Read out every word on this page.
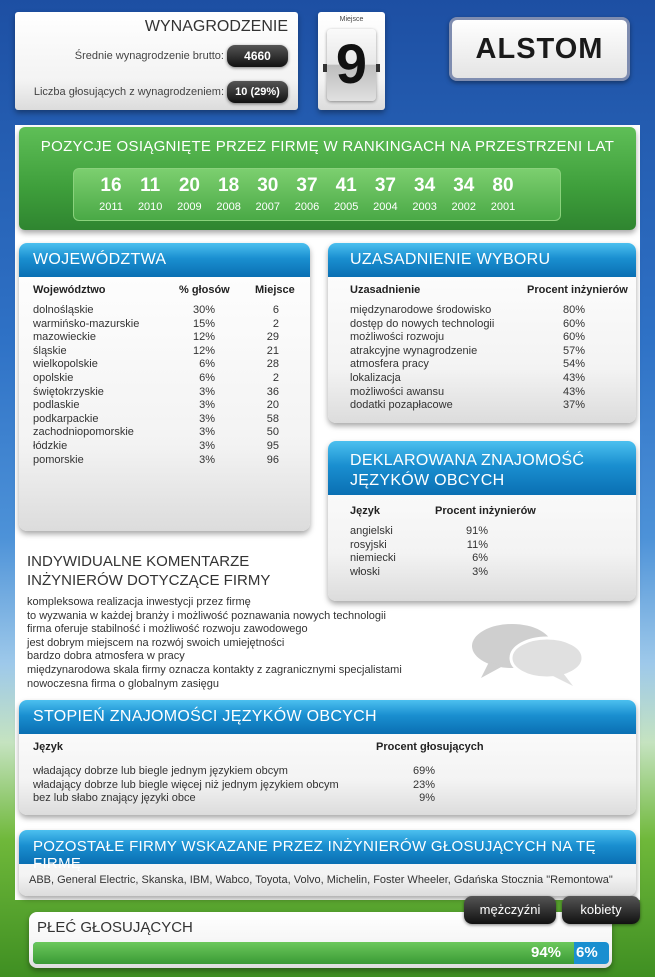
WYNAGRODZENIE
Średnie wynagrodzenie brutto:	4660
Liczba głosujących z wynagrodzeniem:	10 (29%)
Miejsce
9	ALSTOM
POZYCJE OSIĄGNIĘTE PRZEZ FIRMĘ W RANKINGACH NA PRZESTRZENI LAT
16
2011
11
2010
20
2009
18
2008
30
2007
37
2006
41
2005
37
2004
34
2003
34
2002
80
2001
WOJEWÓDZTWA
Województwo	% głosów Miejsce
dolnośląskie	30%	6
warmińsko-mazurskie	15%	2
mazowieckie	12%	29
śląskie	12%	21
wielkopolskie	6%	28
opolskie	6%	2
świętokrzyskie	3%	36
podlaskie	3%	20
podkarpackie	3%	58
zachodniopomorskie	3%	50
łódzkie	3%	95
pomorskie	3%	96
UZASADNIENIE WYBORU
Uzasadnienie	Procent inżynierów
międzynarodowe środowisko	80%
dostęp do nowych technologii	60%
możliwości rozwoju	60%
atrakcyjne wynagrodzenie	57%
atmosfera pracy	54%
lokalizacja	43%
możliwości awansu	43%
dodatki pozapłacowe	37%
DEKLAROWANA ZNAJOMOŚĆ
JĘZYKÓW OBCYCH
Język	Procent inżynierów
angielski	91%
rosyjski	11%
niemiecki	6%
włoski	3%
INDYWIDUALNE KOMENTARZE
INŻYNIERÓW DOTYCZĄCE FIRMY
kompleksowa realizacja inwestycji przez firmę
to wyzwania w każdej branży i możliwość poznawania nowych technologii
firma oferuje stabilność i możliwość rozwoju zawodowego
jest dobrym miejscem na rozwój swoich umiejętności
bardzo dobra atmosfera w pracy
międzynarodowa skala firmy oznacza kontakty z zagranicznymi specjalistami
nowoczesna firma o globalnym zasięgu
STOPIEŃ ZNAJOMOŚCI JĘZYKÓW OBCYCH
Język	Procent głosujących
władający dobrze lub biegle jednym językiem obcym	69%
władający dobrze lub biegle więcej niż jednym językiem obcym	23%
bez lub słabo znający języki obce	9%
POZOSTAŁE FIRMY WSKAZANE PRZEZ INŻYNIERÓW GŁOSUJĄCYCH NA TĘ FIRMĘ
ABB, General Electric, Skanska, IBM, Wabco, Toyota, Volvo, Michelin, Foster Wheeler, Gdańska Stocznia "Remontowa"
PŁEĆ GŁOSUJĄCYCH
94% 6%
mężczyźni	kobiety
